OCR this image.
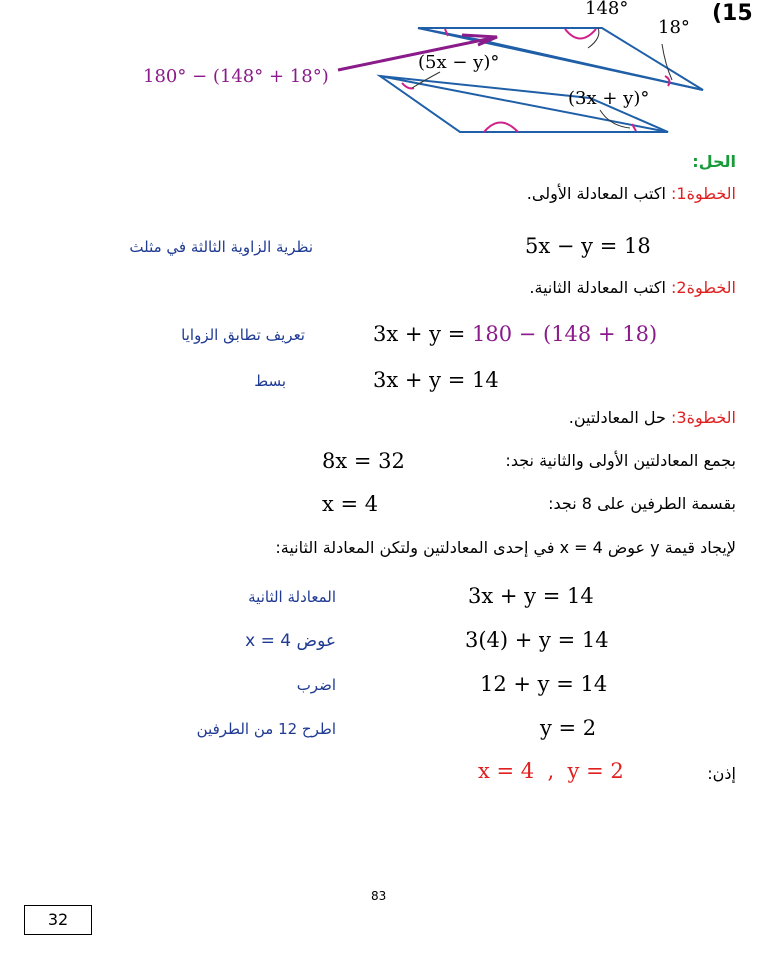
148°
18°
(5x − y)°
(3x + y)°
180° − (148° + 18°)
(15
الحل:
الخطوة1: اكتب المعادلة الأولى.
5x − y = 18
نظرية الزاوية الثالثة في مثلث
الخطوة2: اكتب المعادلة الثانية.
3x + y = 180 − (148 + 18)
تعريف تطابق الزوايا
3x + y = 14
بسط
الخطوة3: حل المعادلتين.
بجمع المعادلتين الأولى والثانية نجد:
8x = 32
بقسمة الطرفين على 8 نجد:
x = 4
لإيجاد قيمة y عوض x = 4 في إحدى المعادلتين ولتكن المعادلة الثانية:
3x + y = 14
المعادلة الثانية
3(4) + y = 14
عوض x = 4
12 + y = 14
اضرب
y = 2
اطرح 12 من الطرفين
إذن:
x = 4  ,  y = 2
83
32
